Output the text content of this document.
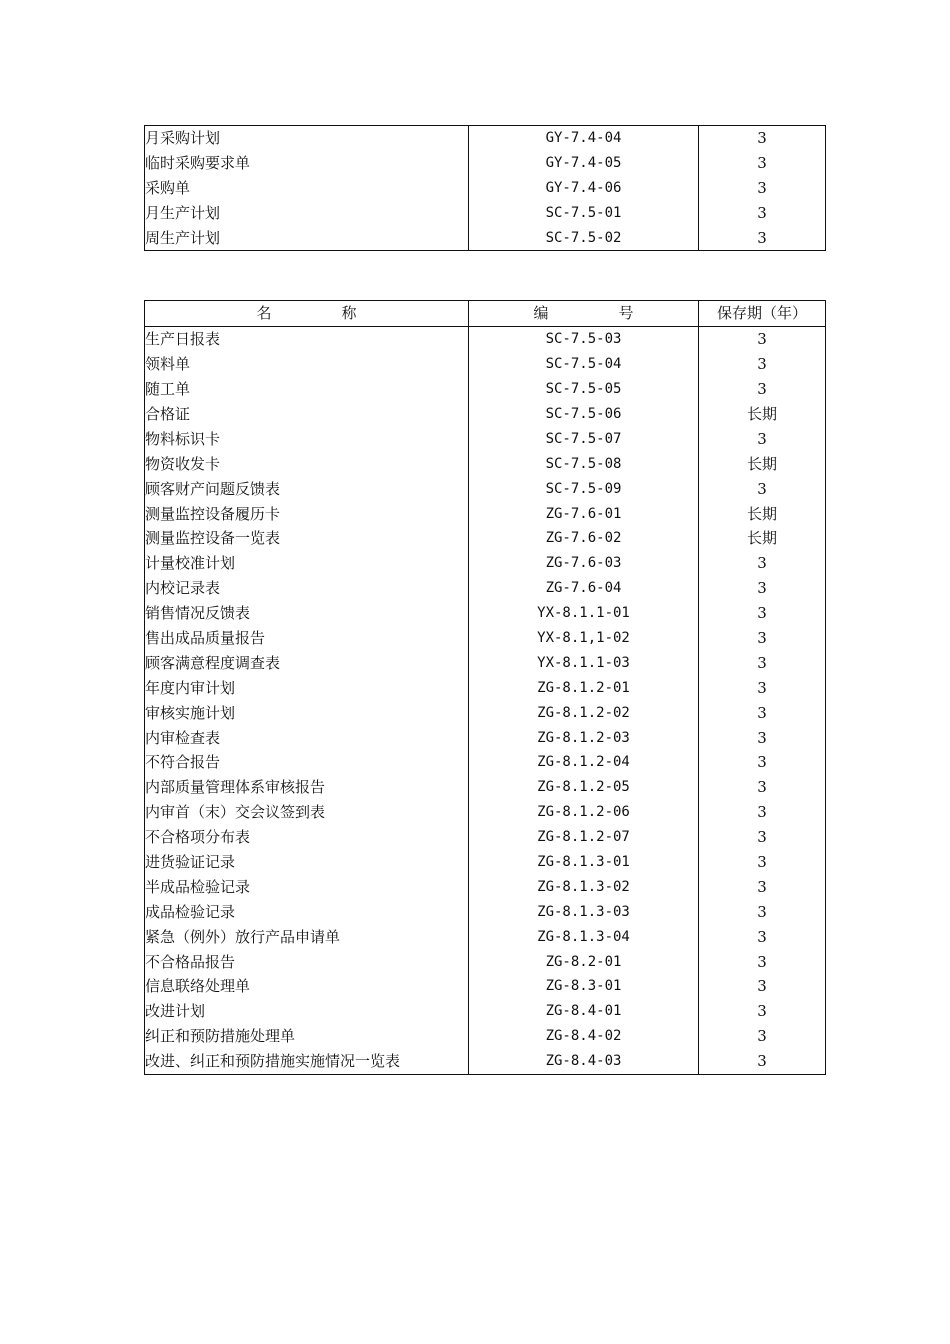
月采购计划	GY-7.4-04	3
临时采购要求单	GY-7.4-05	3
采购单	GY-7.4-06	3
月生产计划	SC-7.5-01	3
周生产计划	SC-7.5-02	3
名 称	编 号	保存期（年）
生产日报表	SC-7.5-03	3
领料单	SC-7.5-04	3
随工单	SC-7.5-05	3
合格证	SC-7.5-06	长期
物料标识卡	SC-7.5-07	3
物资收发卡	SC-7.5-08	长期
顾客财产问题反馈表	SC-7.5-09	3
测量监控设备履历卡	ZG-7.6-01	长期
测量监控设备一览表	ZG-7.6-02	长期
计量校准计划	ZG-7.6-03	3
内校记录表	ZG-7.6-04	3
销售情况反馈表	YX-8.1.1-01	3
售出成品质量报告	YX-8.1,1-02	3
顾客满意程度调查表	YX-8.1.1-03	3
年度内审计划	ZG-8.1.2-01	3
审核实施计划	ZG-8.1.2-02	3
内审检查表	ZG-8.1.2-03	3
不符合报告	ZG-8.1.2-04	3
内部质量管理体系审核报告	ZG-8.1.2-05	3
内审首（末）交会议签到表	ZG-8.1.2-06	3
不合格项分布表	ZG-8.1.2-07	3
进货验证记录	ZG-8.1.3-01	3
半成品检验记录	ZG-8.1.3-02	3
成品检验记录	ZG-8.1.3-03	3
紧急（例外）放行产品申请单	ZG-8.1.3-04	3
不合格品报告	ZG-8.2-01	3
信息联络处理单	ZG-8.3-01	3
改进计划	ZG-8.4-01	3
纠正和预防措施处理单	ZG-8.4-02	3
改进、纠正和预防措施实施情况一览表	ZG-8.4-03	3
